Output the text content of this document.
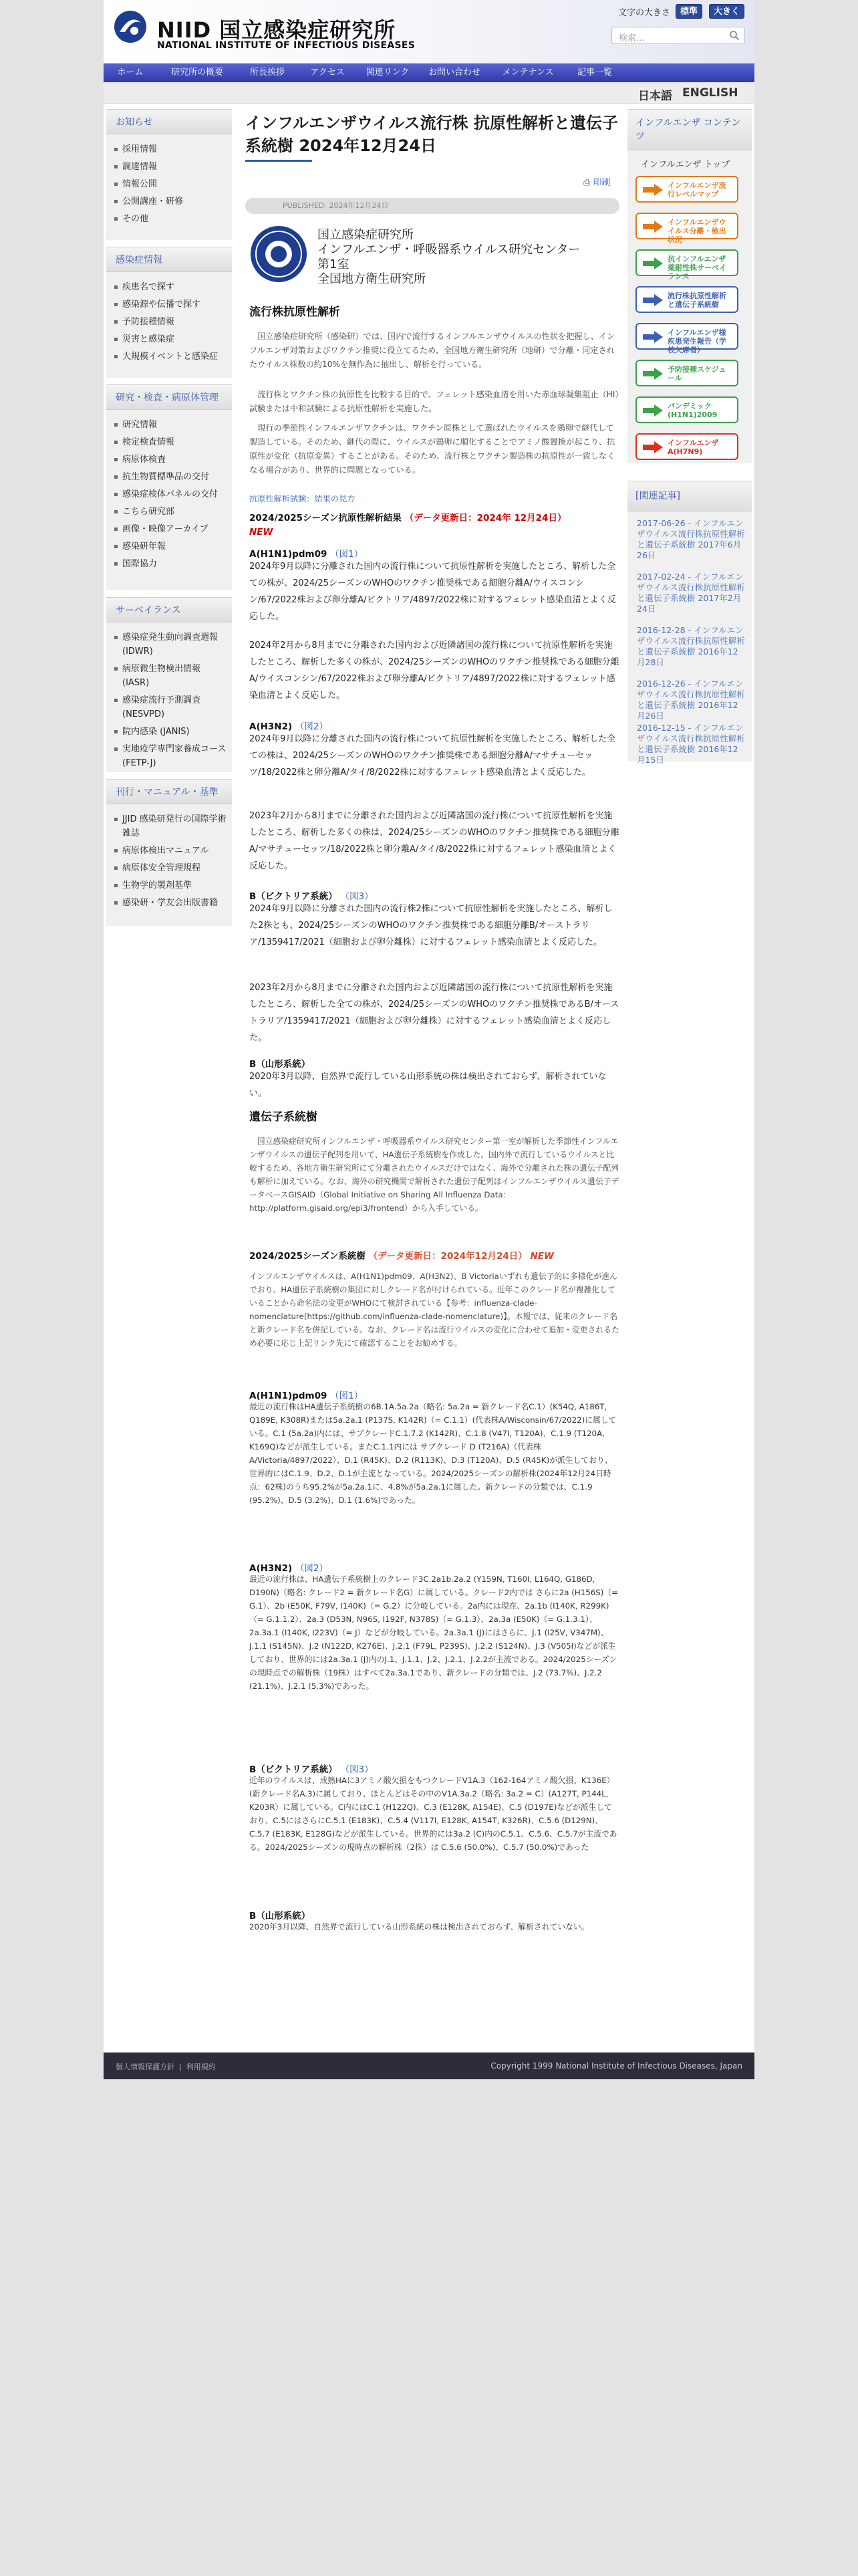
NIID 国立感染症研究所
NATIONAL INSTITUTE OF INFECTIOUS DISEASES
文字の大きさ	標準	大きく
検索...
ホーム	研究所の概要	所長挨拶	アクセス	関連リンク	お問い合わせ	メンテナンス	記事一覧
日本語 ENGLISH
お知らせ
採用情報
調達情報
情報公開
公開講座・研修
その他
感染症情報
疾患名で探す
感染源や伝播で探す
予防接種情報
災害と感染症
大規模イベントと感染症
研究・検査・病原体管理
研究情報
検定検査情報
病原体検査
抗生物質標準品の交付
感染症検体パネルの交付
こちら研究部
画像・映像アーカイブ
感染研年報
国際協力
サーベイランス
感染症発生動向調査週報 (IDWR)
病原微生物検出情報 (IASR)
感染症流行予測調査 (NESVPD)
院内感染 (JANIS)
実地疫学専門家養成コース (FETP-J)
刊行・マニュアル・基準
JJID 感染研発行の国際学術雑誌
病原体検出マニュアル
病原体安全管理規程
生物学的製剤基準
感染研・学友会出版書籍
インフルエンザウイルス流行株 抗原性解析と遺伝子系統樹 2024年12月24日
⎙ 印刷
PUBLISHED: 2024年12月24日
国立感染症研究所
インフルエンザ・呼吸器系ウイルス研究センター
第1室
全国地方衛生研究所
流行株抗原性解析
国立感染症研究所（感染研）では、国内で流行するインフルエンザウイルスの性状を把握し、インフルエンザ対策およびワクチン推奨に役立てるため、全国地方衛生研究所（地研）で分離・同定されたウイルス株数の約10%を無作為に抽出し、解析を行っている。
流行株とワクチン株の抗原性を比較する目的で、フェレット感染血清を用いた赤血球凝集阻止（HI）試験または中和試験による抗原性解析を実施した。
現行の季節性インフルエンザワクチンは、ワクチン原株として選ばれたウイルスを鶏卵で継代して製造している。そのため、継代の際に、ウイルスが鶏卵に順化することでアミノ酸置換が起こり、抗原性が変化（抗原変異）することがある。そのため、流行株とワクチン製造株の抗原性が一致しなくなる場合があり、世界的に問題となっている。
抗原性解析試験：結果の見方
2024/2025シーズン抗原性解析結果 （データ更新日：2024年 12月24日）
NEW
A(H1N1)pdm09 （図1）
2024年9月以降に分離された国内の流行株について抗原性解析を実施したところ、解析した全ての株が、2024/25シーズンのWHOのワクチン推奨株である細胞分離A/ウイスコンシン/67/2022株および卵分離A/ビクトリア/4897/2022株に対するフェレット感染血清とよく反応した。
2024年2月から8月までに分離された国内および近隣諸国の流行株について抗原性解析を実施したところ、解析した多くの株が、2024/25シーズンのWHOのワクチン推奨株である細胞分離A/ウイスコンシン/67/2022株および卵分離A/ビクトリア/4897/2022株に対するフェレット感染血清とよく反応した。
A(H3N2) （図2）
2024年9月以降に分離された国内の流行株について抗原性解析を実施したところ、解析した全ての株は、2024/25シーズンのWHOのワクチン推奨株である細胞分離A/マサチューセッツ/18/2022株と卵分離A/タイ/8/2022株に対するフェレット感染血清とよく反応した。
2023年2月から8月までに分離された国内および近隣諸国の流行株について抗原性解析を実施したところ、解析した多くの株は、2024/25シーズンのWHOのワクチン推奨株である細胞分離A/マサチューセッツ/18/2022株と卵分離A/タイ/8/2022株に対するフェレット感染血清とよく反応した。
B（ビクトリア系統） （図3）
2024年9月以降に分離された国内の流行株2株について抗原性解析を実施したところ、解析した2株とも、2024/25シーズンのWHOのワクチン推奨株である細胞分離B/オーストラリア/1359417/2021（細胞および卵分離株）に対するフェレット感染血清とよく反応した。
2023年2月から8月までに分離された国内および近隣諸国の流行株について抗原性解析を実施したところ、解析した全ての株が、2024/25シーズンのWHOのワクチン推奨株であるB/オーストラリア/1359417/2021（細胞および卵分離株）に対するフェレット感染血清とよく反応した。
B（山形系統）
2020年3月以降、自然界で流行している山形系統の株は検出されておらず、解析されていない。
遺伝子系統樹
国立感染症研究所インフルエンザ・呼吸器系ウイルス研究センター第一室が解析した季節性インフルエンザウイルスの遺伝子配列を用いて、HA遺伝子系統樹を作成した。国内外で流行しているウイルスと比較するため、各地方衛生研究所にて分離されたウイルスだけではなく、海外で分離された株の遺伝子配列も解析に加えている。なお、海外の研究機関で解析された遺伝子配列はインフルエンザウイルス遺伝子データベースGISAID（Global Initiative on Sharing All Influenza Data：http://platform.gisaid.org/epi3/frontend）から入手している。
2024/2025シーズン系統樹 （データ更新日：2024年12月24日） NEW
インフルエンザウイルスは、A(H1N1)pdm09、A(H3N2)、B Victoriaいずれも遺伝子的に多様化が進んでおり、HA遺伝子系統樹の集団に対しクレード名が付けられている。近年このクレード名が複雑化していることから命名法の変更がWHOにて検討されている【参考：influenza-clade-nomenclature(https://github.com/influenza-clade-nomenclature)】。本報では、従来のクレード名と新クレード名を併記している。なお、クレード名は流行ウイルスの変化に合わせて追加・変更されるため必要に応じ上記リンク先にて確認することをお勧めする。
A(H1N1)pdm09 （図1）
最近の流行株はHA遺伝子系統樹の6B.1A.5a.2a（略名: 5a.2a = 新クレード名C.1）(K54Q, A186T, Q189E, K308R)または5a.2a.1 (P137S, K142R)（= C.1.1）(代表株A/Wisconsin/67/2022)に属している。C.1 (5a.2a)内には、サブクレードC.1.7.2 (K142R)、C.1.8 (V47I, T120A)、C.1.9 (T120A, K169Q)などが派生している。またC.1.1内には サブクレード D (T216A)（代表株A/Victoria/4897/2022）、D.1 (R45K)、D.2 (R113K)、D.3 (T120A)、D.5 (R45K)が派生しており、世界的にはC.1.9、D.2、D.1が主流となっている。2024/2025シーズンの解析株(2024年12月24日時点：62株)のうち95.2%が5a.2a.1に、4.8%が5a.2a.1に属した。新クレードの分類では、C.1.9 (95.2%)、D.5 (3.2%)、D.1 (1.6%)であった。
A(H3N2) （図2）
最近の流行株は、HA遺伝子系統樹上のクレード3C.2a1b.2a.2 (Y159N, T160I, L164Q, G186D, D190N)（略名: クレード2 = 新クレード名G）に属している。クレード2内では さらに2a (H156S)（= G.1）、2b (E50K, F79V, I140K)（= G.2）に分岐している。2a内には現在、2a.1b (I140K, R299K)（= G.1.1.2）、2a.3 (D53N, N96S, I192F, N378S)（= G.1.3）、2a.3a (E50K)（= G.1.3.1）、2a.3a.1 (I140K, I223V)（= J）などが分岐している。2a.3a.1 (J)にはさらに、J.1 (I25V, V347M)、J.1.1 (S145N)、J.2 (N122D, K276E)、J.2.1 (F79L, P239S)、J.2.2 (S124N)、J.3 (V505I)などが派生しており、世界的には2a.3a.1 (J)内のJ.1、J.1.1、J.2、J.2.1、J.2.2が主流である。2024/2025シーズンの現時点での解析株（19株）はすべて2a.3a.1であり、新クレードの分類では、J.2 (73.7%)、J.2.2 (21.1%)、J.2.1 (5.3%)であった。
B（ビクトリア系統） （図3）
近年のウイルスは、成熟HAに3アミノ酸欠損をもつクレードV1A.3（162-164アミノ酸欠損、K136E）(新クレード名A.3)に属しており、ほとんどはその中のV1A.3a.2（略名: 3a.2 = C）(A127T, P144L, K203R）に属している。C内にはC.1 (H122Q)、C.3 (E128K, A154E)、C.5 (D197E)などが派生しており、C.5にはさらにC.5.1 (E183K)、C.5.4 (V117I, E128K, A154T, K326R)、C.5.6 (D129N)、C.5.7 (E183K, E128G)などが派生している。世界的には3a.2 (C)内のC.5.1、C.5.6、C.5.7が主流である。2024/2025シーズンの現時点の解析株（2株）は C.5.6 (50.0%)、C.5.7 (50.0%)であった
B（山形系統）
2020年3月以降、自然界で流行している山形系統の株は検出されておらず、解析されていない。
インフルエンザ コンテンツ
インフルエンザ トップ
インフルエンザ流行レベルマップ
インフルエンザウイルス分離・検出状況
抗インフルエンザ薬耐性株サーベイランス
流行株抗原性解析と遺伝子系統樹
インフルエンザ様疾患発生報告（学校欠席者）
予防接種スケジュール
パンデミック(H1N1)2009
インフルエンザA(H7N9)
[関連記事]
2017-06-26 - インフルエンザウイルス流行株抗原性解析と遺伝子系統樹 2017年6月26日
2017-02-24 - インフルエンザウイルス流行株抗原性解析と遺伝子系統樹 2017年2月24日
2016-12-28 - インフルエンザウイルス流行株抗原性解析と遺伝子系統樹 2016年12月28日
2016-12-26 - インフルエンザウイルス流行株抗原性解析と遺伝子系統樹 2016年12月26日
2016-12-15 - インフルエンザウイルス流行株抗原性解析と遺伝子系統樹 2016年12月15日
個人情報保護方針  |  利用規約	Copyright 1999 National Institute of Infectious Diseases, Japan
